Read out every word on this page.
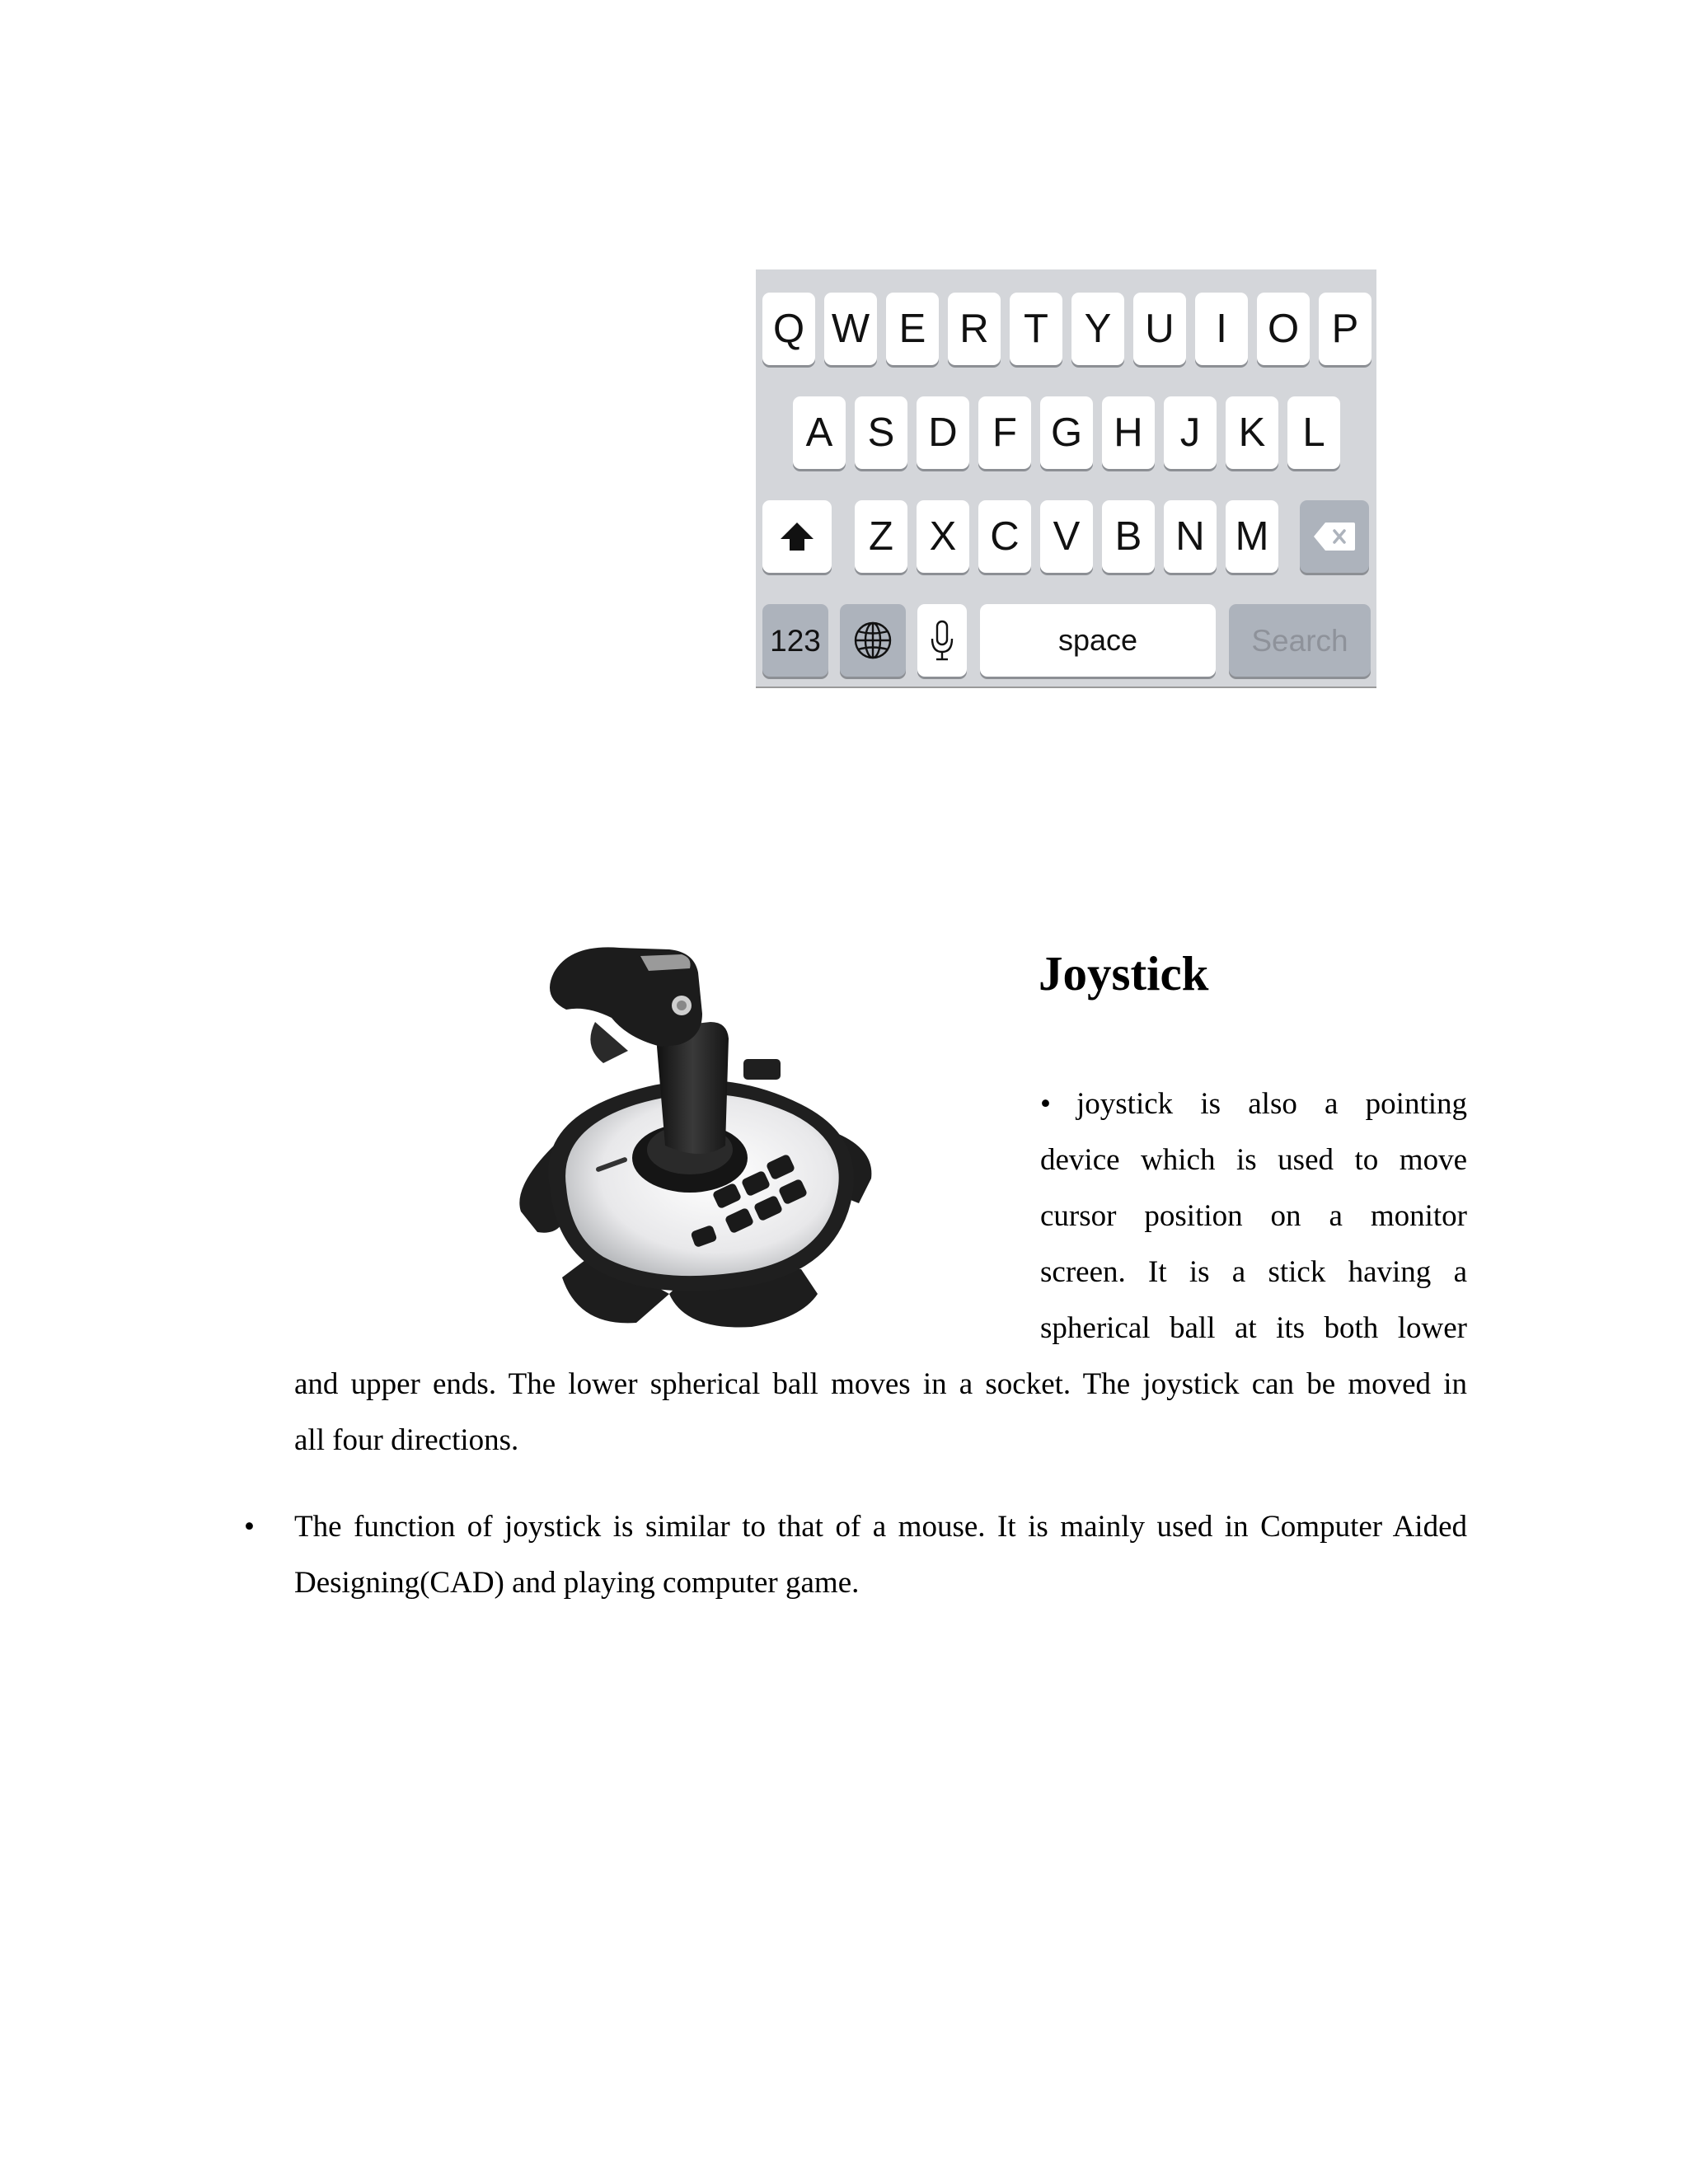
Q W E R T Y U I O P
A S D F G H J K L
Z X C V B N M
123	space	Search
Joystick
• joystick is also a pointing
device which is used to move
cursor position on a monitor
screen. It is a stick having a
spherical ball at its both lower
and upper ends. The lower spherical ball moves in a socket. The joystick can be moved in
all four directions.
• The function of joystick is similar to that of a mouse. It is mainly used in Computer Aided
Designing(CAD) and playing computer game.
